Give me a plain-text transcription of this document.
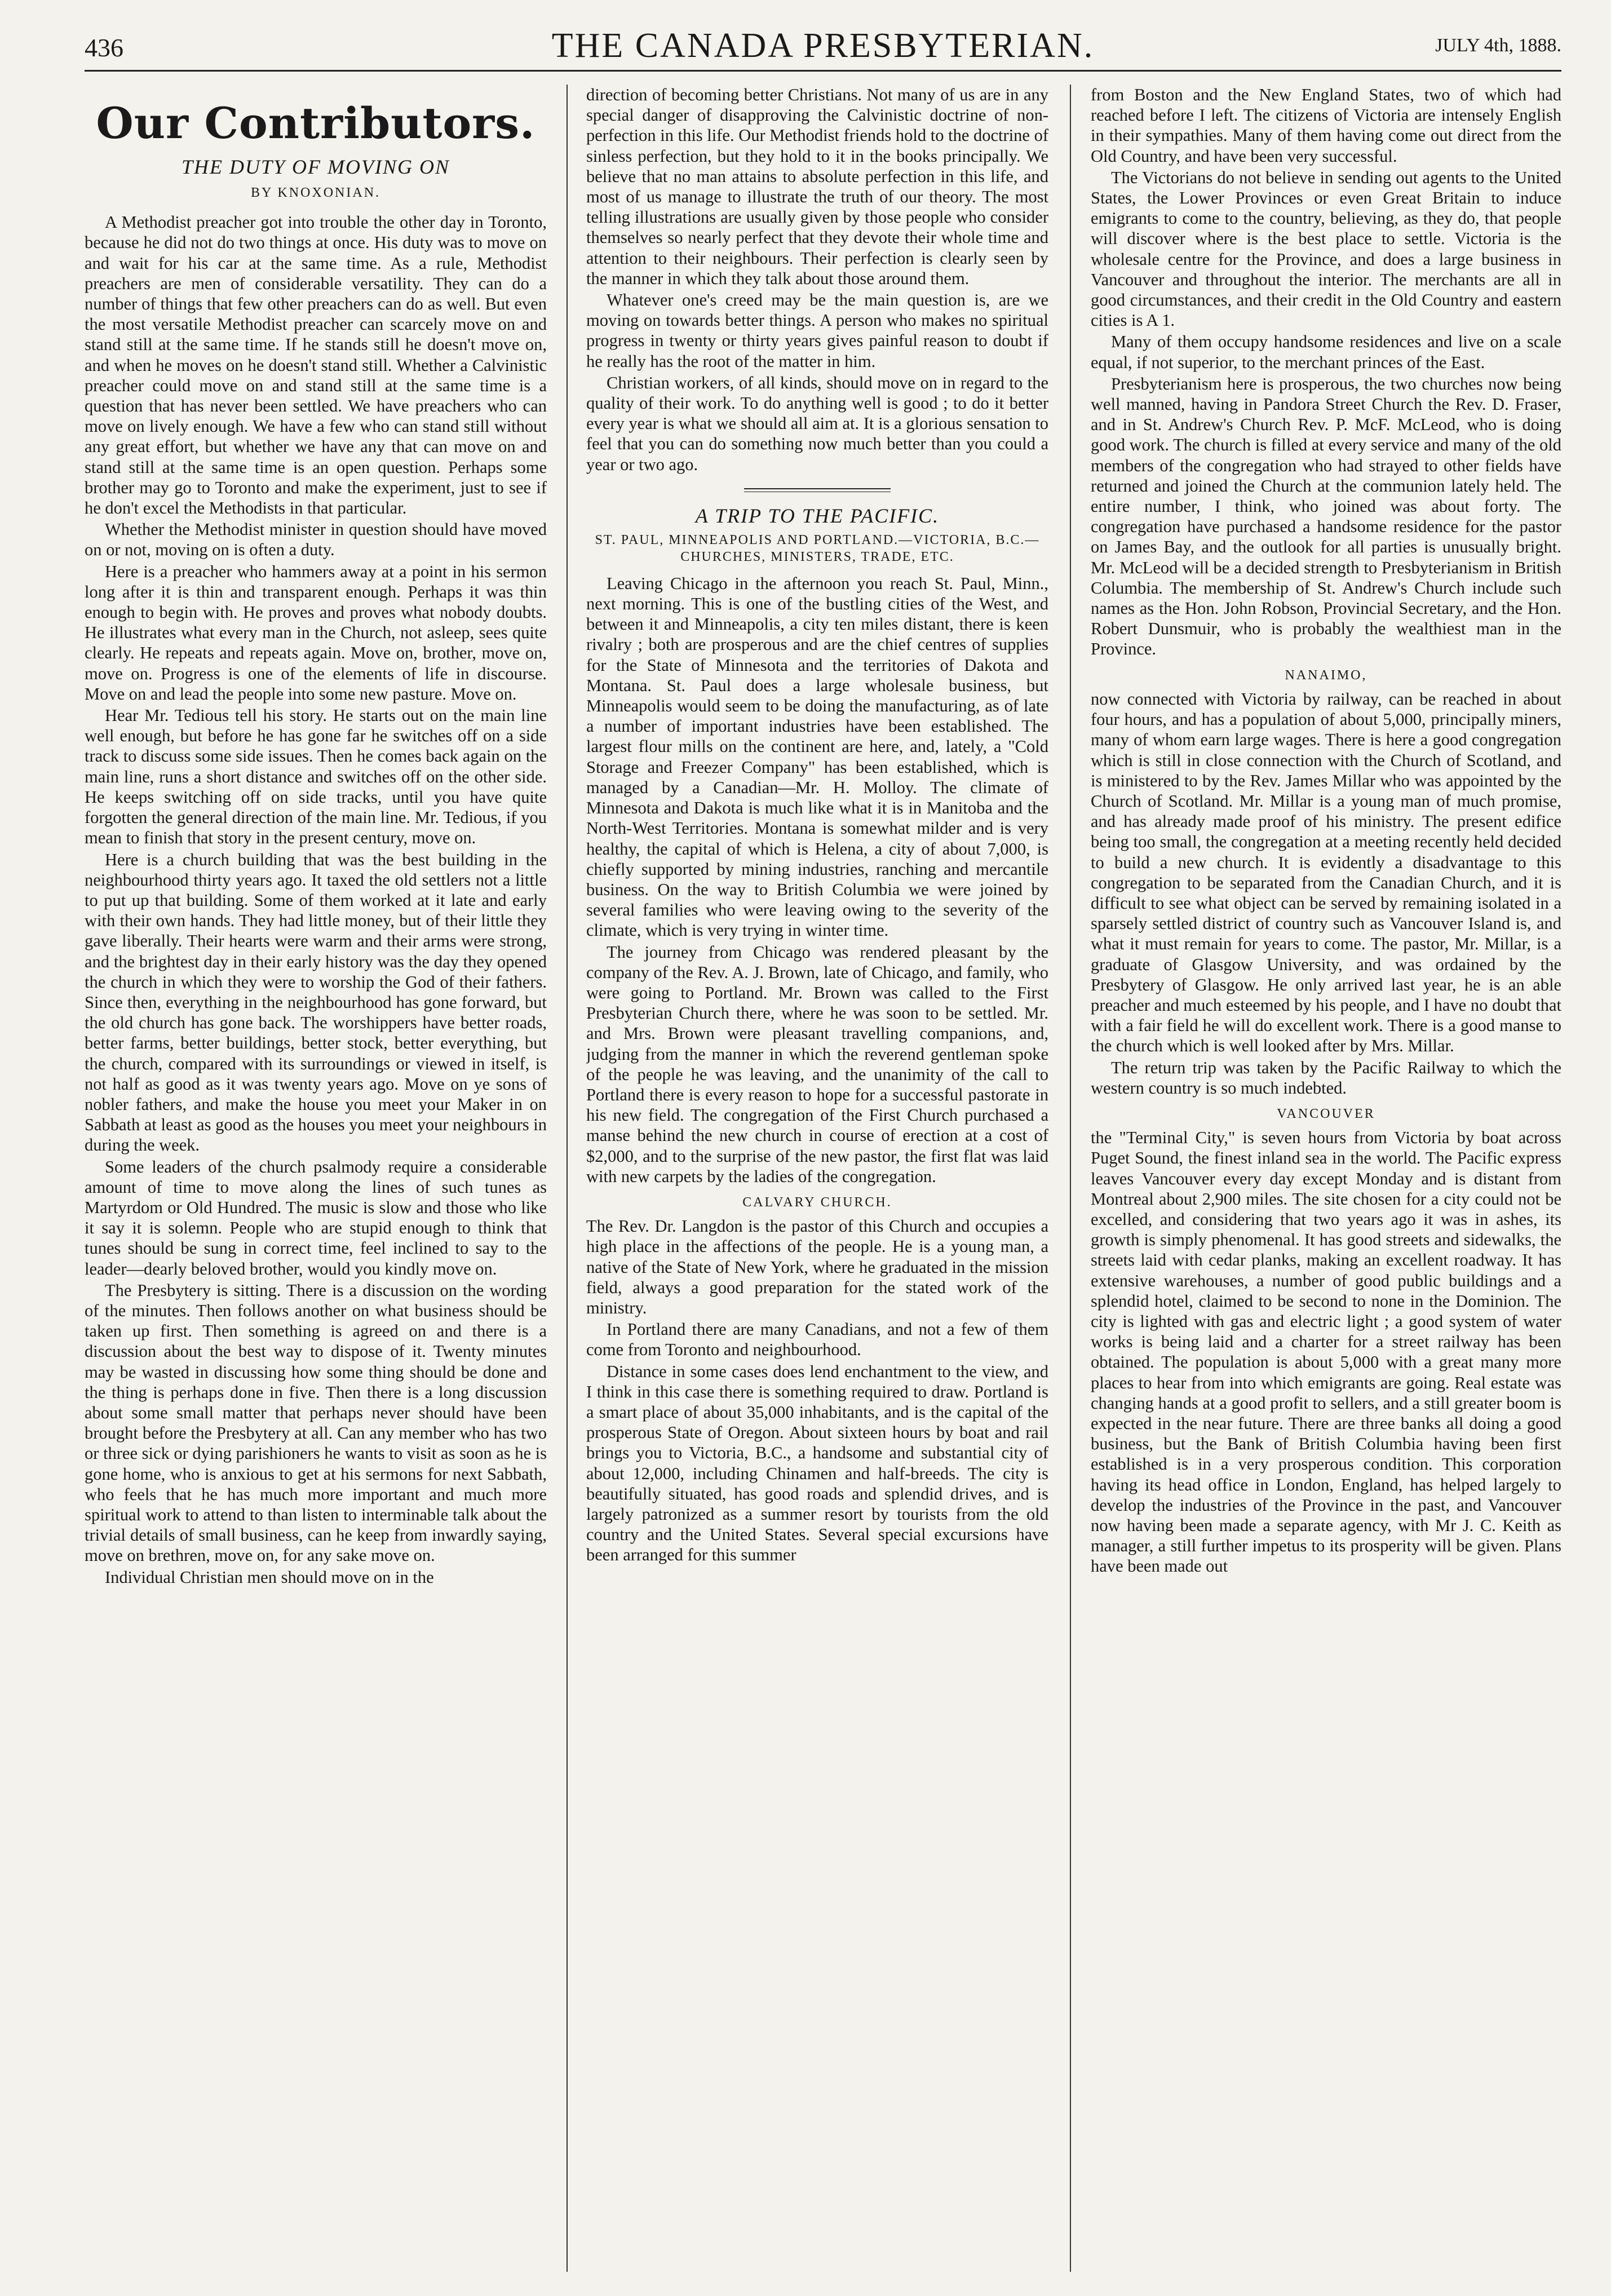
436	THE CANADA PRESBYTERIAN.	JULY 4th, 1888.
Our Contributors.
THE DUTY OF MOVING ON
BY KNOXONIAN.

A Methodist preacher got into trouble the other day in Toronto, because he did not do two things at once. His duty was to move on and wait for his car at the same time. As a rule, Methodist preachers are men of considerable versatility. They can do a number of things that few other preachers can do as well. But even the most versatile Methodist preacher can scarcely move on and stand still at the same time. If he stands still he doesn't move on, and when he moves on he doesn't stand still. Whether a Calvinistic preacher could move on and stand still at the same time is a question that has never been settled. We have preachers who can move on lively enough. We have a few who can stand still without any great effort, but whether we have any that can move on and stand still at the same time is an open question. Perhaps some brother may go to Toronto and make the experiment, just to see if he don't excel the Methodists in that particular.

Whether the Methodist minister in question should have moved on or not, moving on is often a duty.

Here is a preacher who hammers away at a point in his sermon long after it is thin and transparent enough. Perhaps it was thin enough to begin with. He proves and proves what nobody doubts. He illustrates what every man in the Church, not asleep, sees quite clearly. He repeats and repeats again. Move on, brother, move on, move on. Progress is one of the elements of life in discourse. Move on and lead the people into some new pasture. Move on.

Hear Mr. Tedious tell his story. He starts out on the main line well enough, but before he has gone far he switches off on a side track to discuss some side issues. Then he comes back again on the main line, runs a short distance and switches off on the other side. He keeps switching off on side tracks, until you have quite forgotten the general direction of the main line. Mr. Tedious, if you mean to finish that story in the present century, move on.

Here is a church building that was the best building in the neighbourhood thirty years ago. It taxed the old settlers not a little to put up that building. Some of them worked at it late and early with their own hands. They had little money, but of their little they gave liberally. Their hearts were warm and their arms were strong, and the brightest day in their early history was the day they opened the church in which they were to worship the God of their fathers. Since then, everything in the neighbourhood has gone forward, but the old church has gone back. The worshippers have better roads, better farms, better buildings, better stock, better everything, but the church, compared with its surroundings or viewed in itself, is not half as good as it was twenty years ago. Move on ye sons of nobler fathers, and make the house you meet your Maker in on Sabbath at least as good as the houses you meet your neighbours in during the week.

Some leaders of the church psalmody require a considerable amount of time to move along the lines of such tunes as Martyrdom or Old Hundred. The music is slow and those who like it say it is solemn. People who are stupid enough to think that tunes should be sung in correct time, feel inclined to say to the leader—dearly beloved brother, would you kindly move on.

The Presbytery is sitting. There is a discussion on the wording of the minutes. Then follows another on what business should be taken up first. Then something is agreed on and there is a discussion about the best way to dispose of it. Twenty minutes may be wasted in discussing how some thing should be done and the thing is perhaps done in five. Then there is a long discussion about some small matter that perhaps never should have been brought before the Presbytery at all. Can any member who has two or three sick or dying parishioners he wants to visit as soon as he is gone home, who is anxious to get at his sermons for next Sabbath, who feels that he has much more important and much more spiritual work to attend to than listen to interminable talk about the trivial details of small business, can he keep from inwardly saying, move on brethren, move on, for any sake move on.

Individual Christian men should move on in the

direction of becoming better Christians. Not many of us are in any special danger of disapproving the Calvinistic doctrine of non-perfection in this life. Our Methodist friends hold to the doctrine of sinless perfection, but they hold to it in the books principally. We believe that no man attains to absolute perfection in this life, and most of us manage to illustrate the truth of our theory. The most telling illustrations are usually given by those people who consider themselves so nearly perfect that they devote their whole time and attention to their neighbours. Their perfection is clearly seen by the manner in which they talk about those around them.

Whatever one's creed may be the main question is, are we moving on towards better things. A person who makes no spiritual progress in twenty or thirty years gives painful reason to doubt if he really has the root of the matter in him.

Christian workers, of all kinds, should move on in regard to the quality of their work. To do anything well is good ; to do it better every year is what we should all aim at. It is a glorious sensation to feel that you can do something now much better than you could a year or two ago.

A TRIP TO THE PACIFIC.
ST. PAUL, MINNEAPOLIS AND PORTLAND.—VICTORIA, B.C.—CHURCHES, MINISTERS, TRADE, ETC.

Leaving Chicago in the afternoon you reach St. Paul, Minn., next morning. This is one of the bustling cities of the West, and between it and Minneapolis, a city ten miles distant, there is keen rivalry ; both are prosperous and are the chief centres of supplies for the State of Minnesota and the territories of Dakota and Montana. St. Paul does a large wholesale business, but Minneapolis would seem to be doing the manufacturing, as of late a number of important industries have been established. The largest flour mills on the continent are here, and, lately, a "Cold Storage and Freezer Company" has been established, which is managed by a Canadian—Mr. H. Molloy. The climate of Minnesota and Dakota is much like what it is in Manitoba and the North-West Territories. Montana is somewhat milder and is very healthy, the capital of which is Helena, a city of about 7,000, is chiefly supported by mining industries, ranching and mercantile business. On the way to British Columbia we were joined by several families who were leaving owing to the severity of the climate, which is very trying in winter time.

The journey from Chicago was rendered pleasant by the company of the Rev. A. J. Brown, late of Chicago, and family, who were going to Portland. Mr. Brown was called to the First Presbyterian Church there, where he was soon to be settled. Mr. and Mrs. Brown were pleasant travelling companions, and, judging from the manner in which the reverend gentleman spoke of the people he was leaving, and the unanimity of the call to Portland there is every reason to hope for a successful pastorate in his new field. The congregation of the First Church purchased a manse behind the new church in course of erection at a cost of $2,000, and to the surprise of the new pastor, the first flat was laid with new carpets by the ladies of the congregation.

CALVARY CHURCH.

The Rev. Dr. Langdon is the pastor of this Church and occupies a high place in the affections of the people. He is a young man, a native of the State of New York, where he graduated in the mission field, always a good preparation for the stated work of the ministry.

In Portland there are many Canadians, and not a few of them come from Toronto and neighbourhood.

Distance in some cases does lend enchantment to the view, and I think in this case there is something required to draw. Portland is a smart place of about 35,000 inhabitants, and is the capital of the prosperous State of Oregon. About sixteen hours by boat and rail brings you to Victoria, B.C., a handsome and substantial city of about 12,000, including Chinamen and half-breeds. The city is beautifully situated, has good roads and splendid drives, and is largely patronized as a summer resort by tourists from the old country and the United States. Several special excursions have been arranged for this summer

from Boston and the New England States, two of which had reached before I left. The citizens of Victoria are intensely English in their sympathies. Many of them having come out direct from the Old Country, and have been very successful.

The Victorians do not believe in sending out agents to the United States, the Lower Provinces or even Great Britain to induce emigrants to come to the country, believing, as they do, that people will discover where is the best place to settle. Victoria is the wholesale centre for the Province, and does a large business in Vancouver and throughout the interior. The merchants are all in good circumstances, and their credit in the Old Country and eastern cities is A 1.

Many of them occupy handsome residences and live on a scale equal, if not superior, to the merchant princes of the East.

Presbyterianism here is prosperous, the two churches now being well manned, having in Pandora Street Church the Rev. D. Fraser, and in St. Andrew's Church Rev. P. McF. McLeod, who is doing good work. The church is filled at every service and many of the old members of the congregation who had strayed to other fields have returned and joined the Church at the communion lately held. The entire number, I think, who joined was about forty. The congregation have purchased a handsome residence for the pastor on James Bay, and the outlook for all parties is unusually bright. Mr. McLeod will be a decided strength to Presbyterianism in British Columbia. The membership of St. Andrew's Church include such names as the Hon. John Robson, Provincial Secretary, and the Hon. Robert Dunsmuir, who is probably the wealthiest man in the Province.

NANAIMO,

now connected with Victoria by railway, can be reached in about four hours, and has a population of about 5,000, principally miners, many of whom earn large wages. There is here a good congregation which is still in close connection with the Church of Scotland, and is ministered to by the Rev. James Millar who was appointed by the Church of Scotland. Mr. Millar is a young man of much promise, and has already made proof of his ministry. The present edifice being too small, the congregation at a meeting recently held decided to build a new church. It is evidently a disadvantage to this congregation to be separated from the Canadian Church, and it is difficult to see what object can be served by remaining isolated in a sparsely settled district of country such as Vancouver Island is, and what it must remain for years to come. The pastor, Mr. Millar, is a graduate of Glasgow University, and was ordained by the Presbytery of Glasgow. He only arrived last year, he is an able preacher and much esteemed by his people, and I have no doubt that with a fair field he will do excellent work. There is a good manse to the church which is well looked after by Mrs. Millar.

The return trip was taken by the Pacific Railway to which the western country is so much indebted.

VANCOUVER

the "Terminal City," is seven hours from Victoria by boat across Puget Sound, the finest inland sea in the world. The Pacific express leaves Vancouver every day except Monday and is distant from Montreal about 2,900 miles. The site chosen for a city could not be excelled, and considering that two years ago it was in ashes, its growth is simply phenomenal. It has good streets and sidewalks, the streets laid with cedar planks, making an excellent roadway. It has extensive warehouses, a number of good public buildings and a splendid hotel, claimed to be second to none in the Dominion. The city is lighted with gas and electric light ; a good system of water works is being laid and a charter for a street railway has been obtained. The population is about 5,000 with a great many more places to hear from into which emigrants are going. Real estate was changing hands at a good profit to sellers, and a still greater boom is expected in the near future. There are three banks all doing a good business, but the Bank of British Columbia having been first established is in a very prosperous condition. This corporation having its head office in London, England, has helped largely to develop the industries of the Province in the past, and Vancouver now having been made a separate agency, with Mr J. C. Keith as manager, a still further impetus to its prosperity will be given. Plans have been made out
